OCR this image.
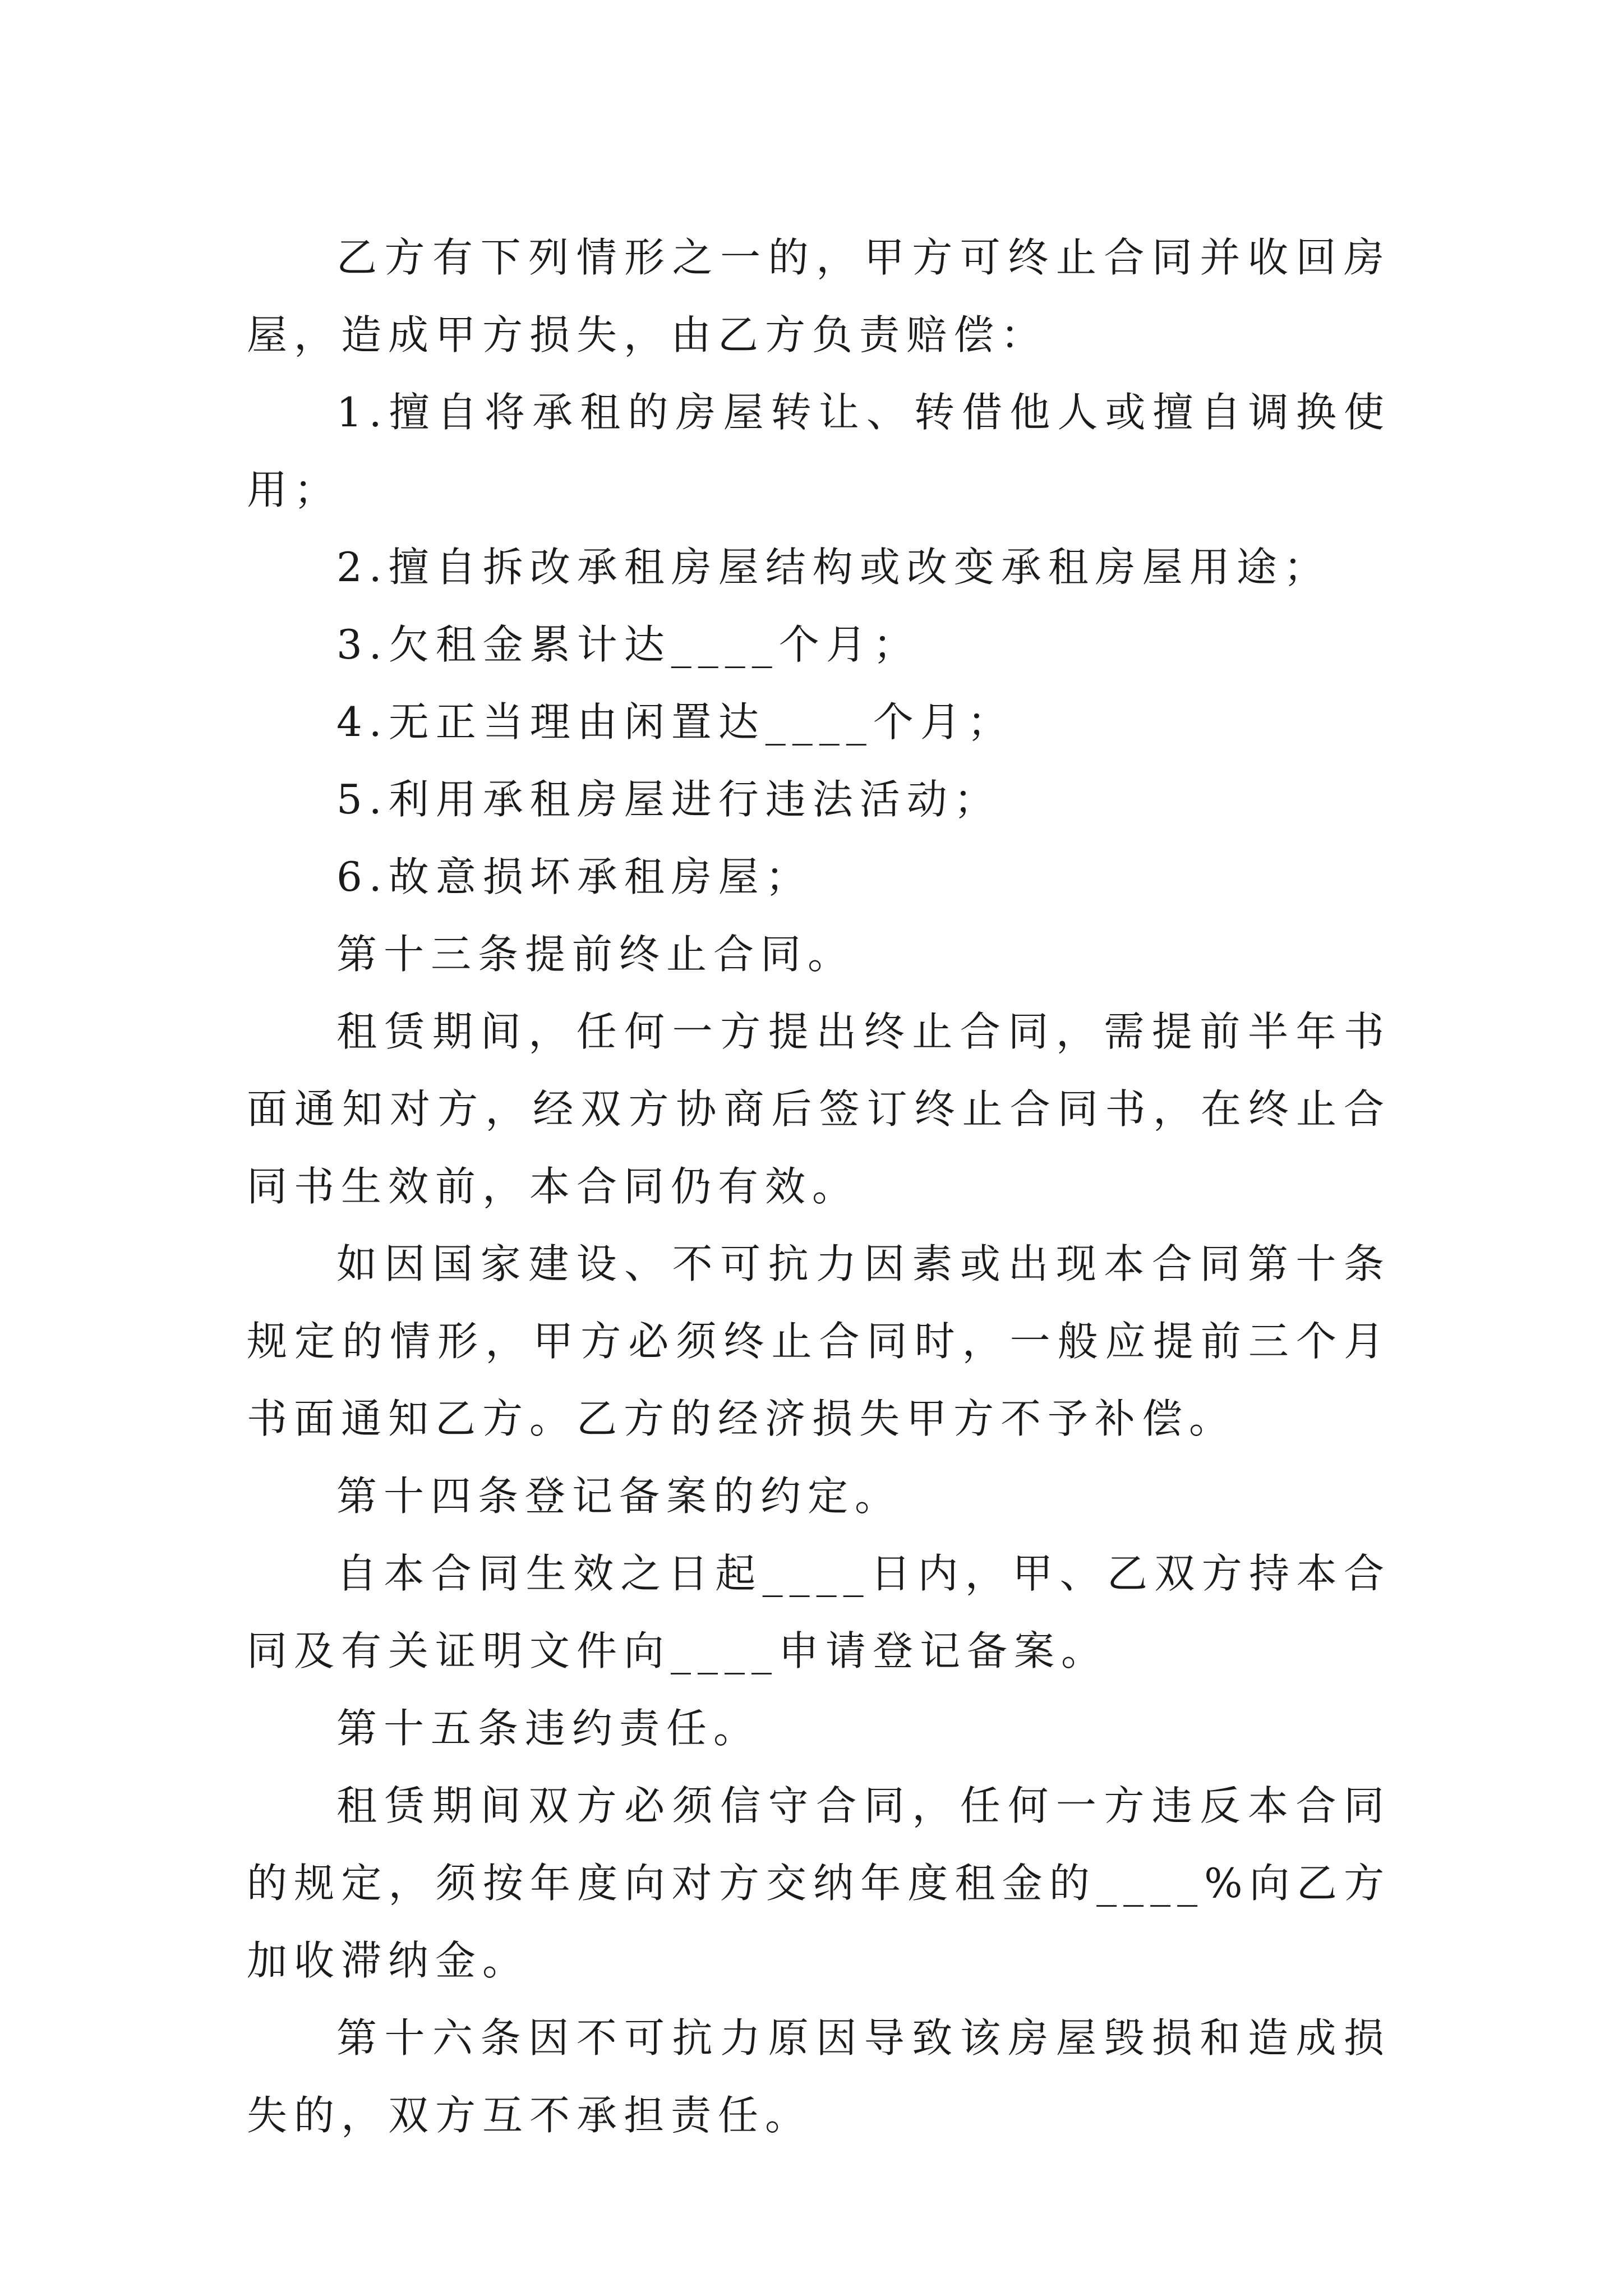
乙方有下列情形之一的，甲方可终止合同并收回房屋，造成甲方损失，由乙方负责赔偿：

1.擅自将承租的房屋转让、转借他人或擅自调换使用；

2.擅自拆改承租房屋结构或改变承租房屋用途；

3.欠租金累计达____个月；

4.无正当理由闲置达____个月；

5.利用承租房屋进行违法活动；

6.故意损坏承租房屋；

第十三条提前终止合同。

租赁期间，任何一方提出终止合同，需提前半年书面通知对方，经双方协商后签订终止合同书，在终止合同书生效前，本合同仍有效。

如因国家建设、不可抗力因素或出现本合同第十条规定的情形，甲方必须终止合同时，一般应提前三个月书面通知乙方。乙方的经济损失甲方不予补偿。

第十四条登记备案的约定。

自本合同生效之日起____日内，甲、乙双方持本合同及有关证明文件向____申请登记备案。

第十五条违约责任。

租赁期间双方必须信守合同，任何一方违反本合同的规定，须按年度向对方交纳年度租金的____%向乙方加收滞纳金。

第十六条因不可抗力原因导致该房屋毁损和造成损失的，双方互不承担责任。
